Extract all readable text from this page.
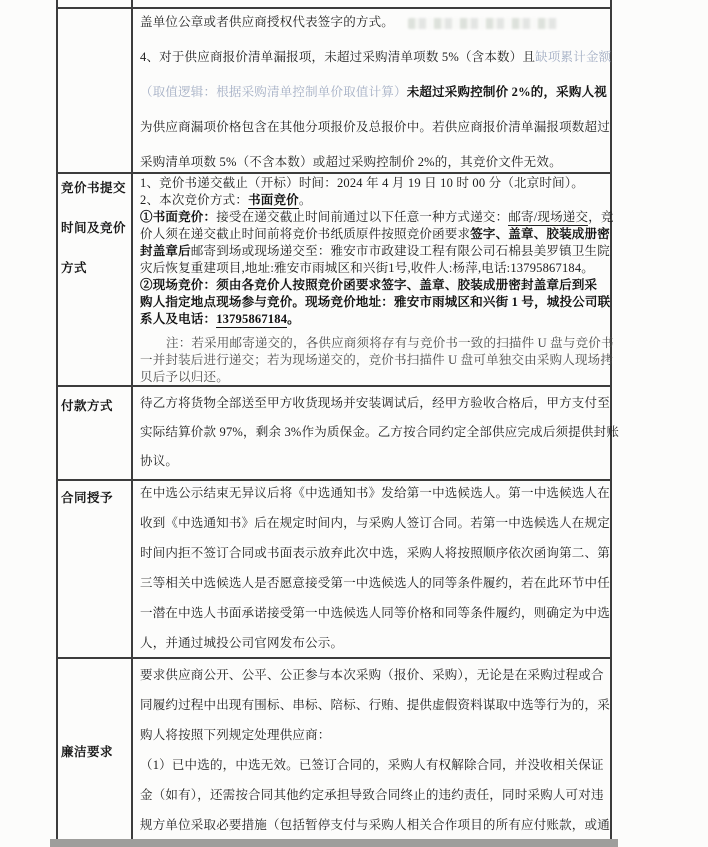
盖单位公章或者供应商授权代表签字的方式。
4、对于供应商报价清单漏报项，未超过采购清单项数 5%（含本数）且缺项累计金额
（取值逻辑：根据采购清单控制单价取值计算）未超过采购控制价 2%的，采购人视
为供应商漏项价格包含在其他分项报价及总报价中。若供应商报价清单漏报项数超过
采购清单项数 5%（不含本数）或超过采购控制价 2%的，其竞价文件无效。
竞价书提交
时间及竞价
方式
1、竞价书递交截止（开标）时间：2024 年 4 月 19 日 10 时 00 分（北京时间）。
2、本次竞价方式：书面竞价。
①书面竞价：接受在递交截止时间前通过以下任意一种方式递交：邮寄/现场递交，竞
价人须在递交截止时间前将竞价书纸质原件按照竞价函要求签字、盖章、胶装成册密
封盖章后邮寄到场或现场递交至：雅安市市政建设工程有限公司石棉县美罗镇卫生院
灾后恢复重建项目,地址:雅安市雨城区和兴街1号,收件人:杨萍,电话:13795867184。
②现场竞价：须由各竞价人按照竞价函要求签字、盖章、胶装成册密封盖章后到采
购人指定地点现场参与竞价。现场竞价地址：雅安市雨城区和兴街 1 号，城投公司联
系人及电话：13795867184。
注：若采用邮寄递交的，各供应商须将存有与竞价书一致的扫描件 U 盘与竞价书
一并封装后进行递交；若为现场递交的，竞价书扫描件 U 盘可单独交由采购人现场拷
贝后予以归还。
付款方式	待乙方将货物全部送至甲方收货现场并安装调试后，经甲方验收合格后，甲方支付至
实际结算价款 97%，剩余 3%作为质保金。乙方按合同约定全部供应完成后须提供封账
协议。
合同授予	在中选公示结束无异议后将《中选通知书》发给第一中选候选人。第一中选候选人在
收到《中选通知书》后在规定时间内，与采购人签订合同。若第一中选候选人在规定
时间内拒不签订合同或书面表示放弃此次中选，采购人将按照顺序依次函询第二、第
三等相关中选候选人是否愿意接受第一中选候选人的同等条件履约，若在此环节中任
一潜在中选人书面承诺接受第一中选候选人同等价格和同等条件履约，则确定为中选
人，并通过城投公司官网发布公示。
廉洁要求
要求供应商公开、公平、公正参与本次采购（报价、采购），无论是在采购过程或合
同履约过程中出现有围标、串标、陪标、行贿、提供虚假资料谋取中选等行为的，采
购人将按照下列规定处理供应商：
（1）已中选的，中选无效。已签订合同的，采购人有权解除合同，并没收相关保证
金（如有），还需按合同其他约定承担导致合同终止的违约责任，同时采购人可对违
规方单位采取必要措施（包括暂停支付与采购人相关合作项目的所有应付账款，或通
